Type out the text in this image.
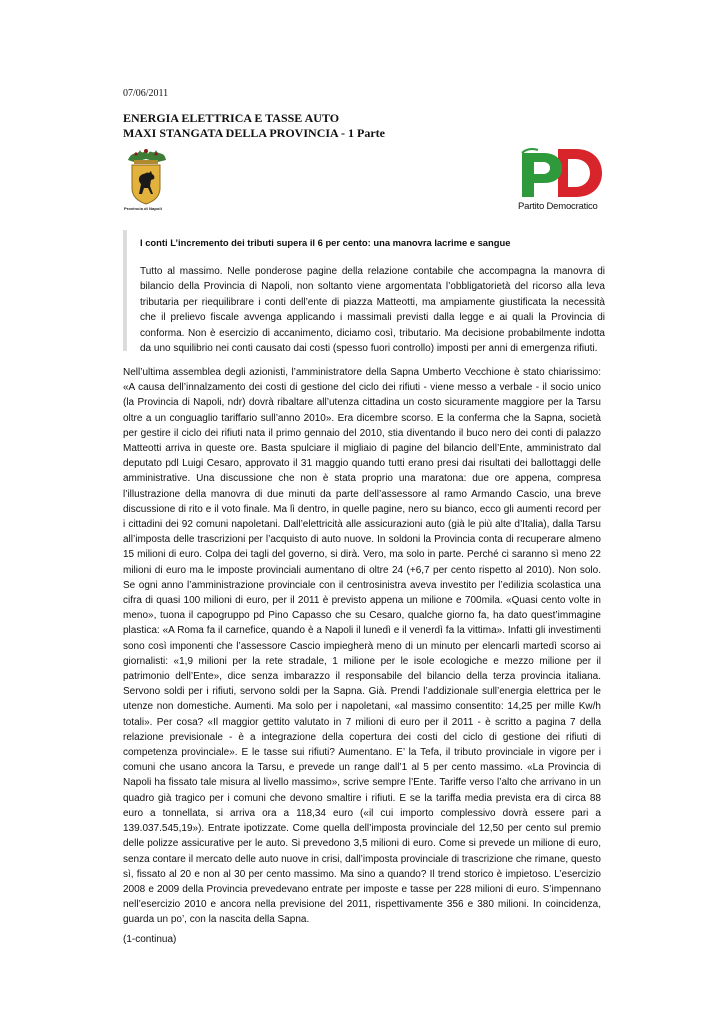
07/06/2011
ENERGIA ELETTRICA E TASSE AUTO
MAXI STANGATA DELLA PROVINCIA - 1 Parte
Provincia di Napoli	Partito Democratico
I conti L’incremento dei tributi supera il 6 per cento: una manovra lacrime e sangue
Tutto al massimo. Nelle ponderose pagine della relazione contabile che accompagna la manovra di bilancio della Provincia di Napoli, non soltanto viene argomentata l’obbligatorietà del ricorso alla leva tributaria per riequilibrare i conti dell’ente di piazza Matteotti, ma ampiamente giustificata la necessità che il prelievo fiscale avvenga applicando i massimali previsti dalla legge e ai quali la Provincia di conforma. Non è esercizio di accanimento, diciamo così, tributario. Ma decisione probabilmente indotta da uno squilibrio nei conti causato dai costi (spesso fuori controllo) imposti per anni di emergenza rifiuti.

Nell’ultima assemblea degli azionisti, l’amministratore della Sapna Umberto Vecchione è stato chiarissimo: «A causa dell’innalzamento dei costi di gestione del ciclo dei rifiuti - viene messo a verbale - il socio unico (la Provincia di Napoli, ndr) dovrà ribaltare all’utenza cittadina un costo sicuramente maggiore per la Tarsu oltre a un conguaglio tariffario sull’anno 2010». Era dicembre scorso. E la conferma che la Sapna, società per gestire il ciclo dei rifiuti nata il primo gennaio del 2010, stia diventando il buco nero dei conti di palazzo Matteotti arriva in queste ore. Basta spulciare il migliaio di pagine del bilancio dell’Ente, amministrato dal deputato pdl Luigi Cesaro, approvato il 31 maggio quando tutti erano presi dai risultati dei ballottaggi delle amministrative. Una discussione che non è stata proprio una maratona: due ore appena, compresa l’illustrazione della manovra di due minuti da parte dell’assessore al ramo Armando Cascio, una breve discussione di rito e il voto finale. Ma lì dentro, in quelle pagine, nero su bianco, ecco gli aumenti record per i cittadini dei 92 comuni napoletani. Dall’elettricità alle assicurazioni auto (già le più alte d’Italia), dalla Tarsu all’imposta delle trascrizioni per l’acquisto di auto nuove. In soldoni la Provincia conta di recuperare almeno 15 milioni di euro. Colpa dei tagli del governo, si dirà. Vero, ma solo in parte. Perché ci saranno sì meno 22 milioni di euro ma le imposte provinciali aumentano di oltre 24 (+6,7 per cento rispetto al 2010). Non solo. Se ogni anno l’amministrazione provinciale con il centrosinistra aveva investito per l’edilizia scolastica una cifra di quasi 100 milioni di euro, per il 2011 è previsto appena un milione e 700mila. «Quasi cento volte in meno», tuona il capogruppo pd Pino Capasso che su Cesaro, qualche giorno fa, ha dato quest’immagine plastica: «A Roma fa il carnefice, quando è a Napoli il lunedì e il venerdì fa la vittima». Infatti gli investimenti sono così imponenti che l’assessore Cascio impiegherà meno di un minuto per elencarli martedì scorso ai giornalisti: «1,9 milioni per la rete stradale, 1 milione per le isole ecologiche e mezzo milione per il patrimonio dell’Ente», dice senza imbarazzo il responsabile del bilancio della terza provincia italiana. Servono soldi per i rifiuti, servono soldi per la Sapna. Già. Prendi l’addizionale sull’energia elettrica per le utenze non domestiche. Aumenti. Ma solo per i napoletani, «al massimo consentito: 14,25 per mille Kw/h totali». Per cosa? «Il maggior gettito valutato in 7 milioni di euro per il 2011 - è scritto a pagina 7 della relazione previsionale - è a integrazione della copertura dei costi del ciclo di gestione dei rifiuti di competenza provinciale». E le tasse sui rifiuti? Aumentano. E’ la Tefa, il tributo provinciale in vigore per i comuni che usano ancora la Tarsu, e prevede un range dall’1 al 5 per cento massimo. «La Provincia di Napoli ha fissato tale misura al livello massimo», scrive sempre l’Ente. Tariffe verso l’alto che arrivano in un quadro già tragico per i comuni che devono smaltire i rifiuti. E se la tariffa media prevista era di circa 88 euro a tonnellata, si arriva ora a 118,34 euro («il cui importo complessivo dovrà essere pari a 139.037.545,19»). Entrate ipotizzate. Come quella dell’imposta provinciale del 12,50 per cento sul premio delle polizze assicurative per le auto. Si prevedono 3,5 milioni di euro. Come si prevede un milione di euro, senza contare il mercato delle auto nuove in crisi, dall’imposta provinciale di trascrizione che rimane, questo sì, fissato al 20 e non al 30 per cento massimo. Ma sino a quando? Il trend storico è impietoso. L’esercizio 2008 e 2009 della Provincia prevedevano entrate per imposte e tasse per 228 milioni di euro. S’impennano nell’esercizio 2010 e ancora nella previsione del 2011, rispettivamente 356 e 380 milioni. In coincidenza, guarda un po’, con la nascita della Sapna.

(1-continua)
